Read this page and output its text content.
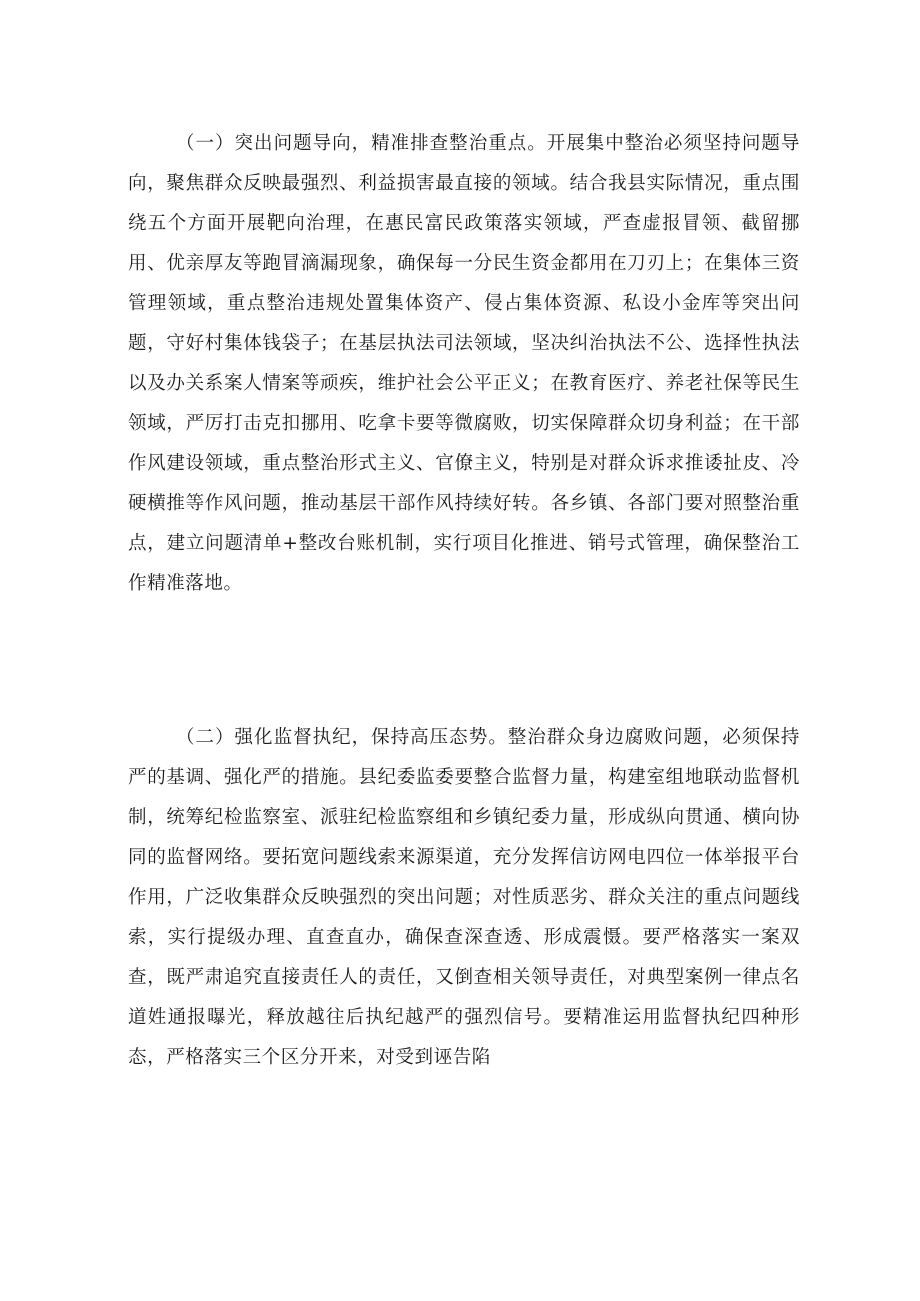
（一）突出问题导向，精准排查整治重点。开展集中整治必须坚持问题导向，聚焦群众反映最强烈、利益损害最直接的领域。结合我县实际情况，重点围绕五个方面开展靶向治理，在惠民富民政策落实领域，严查虚报冒领、截留挪用、优亲厚友等跑冒滴漏现象，确保每一分民生资金都用在刀刃上；在集体三资管理领域，重点整治违规处置集体资产、侵占集体资源、私设小金库等突出问题，守好村集体钱袋子；在基层执法司法领域，坚决纠治执法不公、选择性执法以及办关系案人情案等顽疾，维护社会公平正义；在教育医疗、养老社保等民生领域，严厉打击克扣挪用、吃拿卡要等微腐败，切实保障群众切身利益；在干部作风建设领域，重点整治形式主义、官僚主义，特别是对群众诉求推诿扯皮、冷硬横推等作风问题，推动基层干部作风持续好转。各乡镇、各部门要对照整治重点，建立问题清单+整改台账机制，实行项目化推进、销号式管理，确保整治工作精准落地。

（二）强化监督执纪，保持高压态势。整治群众身边腐败问题，必须保持严的基调、强化严的措施。县纪委监委要整合监督力量，构建室组地联动监督机制，统筹纪检监察室、派驻纪检监察组和乡镇纪委力量，形成纵向贯通、横向协同的监督网络。要拓宽问题线索来源渠道，充分发挥信访网电四位一体举报平台作用，广泛收集群众反映强烈的突出问题；对性质恶劣、群众关注的重点问题线索，实行提级办理、直查直办，确保查深查透、形成震慑。要严格落实一案双查，既严肃追究直接责任人的责任，又倒查相关领导责任，对典型案例一律点名道姓通报曝光，释放越往后执纪越严的强烈信号。要精准运用监督执纪四种形态，严格落实三个区分开来，对受到诬告陷
